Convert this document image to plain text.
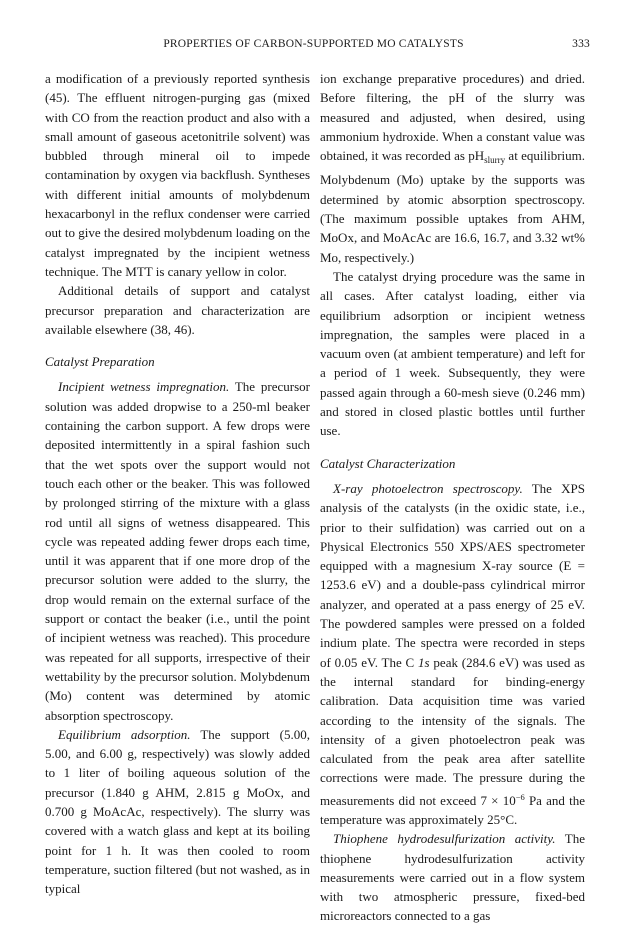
PROPERTIES OF CARBON-SUPPORTED MO CATALYSTS	333

a modification of a previously reported synthesis (45). The effluent nitrogen-purging gas (mixed with CO from the reaction product and also with a small amount of gaseous acetonitrile solvent) was bubbled through mineral oil to impede contamination by oxygen via backflush. Syntheses with different initial amounts of molybdenum hexacarbonyl in the reflux condenser were carried out to give the desired molybdenum loading on the catalyst impregnated by the incipient wetness technique. The MTT is canary yellow in color.

Additional details of support and catalyst precursor preparation and characterization are available elsewhere (38, 46).

Catalyst Preparation

Incipient wetness impregnation. The precursor solution was added dropwise to a 250-ml beaker containing the carbon support. A few drops were deposited intermittently in a spiral fashion such that the wet spots over the support would not touch each other or the beaker. This was followed by prolonged stirring of the mixture with a glass rod until all signs of wetness disappeared. This cycle was repeated adding fewer drops each time, until it was apparent that if one more drop of the precursor solution were added to the slurry, the drop would remain on the external surface of the support or contact the beaker (i.e., until the point of incipient wetness was reached). This procedure was repeated for all supports, irrespective of their wettability by the precursor solution. Molybdenum (Mo) content was determined by atomic absorption spectroscopy.

Equilibrium adsorption. The support (5.00, 5.00, and 6.00 g, respectively) was slowly added to 1 liter of boiling aqueous solution of the precursor (1.840 g AHM, 2.815 g MoOx, and 0.700 g MoAcAc, respectively). The slurry was covered with a watch glass and kept at its boiling point for 1 h. It was then cooled to room temperature, suction filtered (but not washed, as in typical

ion exchange preparative procedures) and dried. Before filtering, the pH of the slurry was measured and adjusted, when desired, using ammonium hydroxide. When a constant value was obtained, it was recorded as $pH_{slurry}$ at equilibrium. Molybdenum (Mo) uptake by the supports was determined by atomic absorption spectroscopy. (The maximum possible uptakes from AHM, MoOx, and MoAcAc are 16.6, 16.7, and 3.32 wt% Mo, respectively.)

The catalyst drying procedure was the same in all cases. After catalyst loading, either via equilibrium adsorption or incipient wetness impregnation, the samples were placed in a vacuum oven (at ambient temperature) and left for a period of 1 week. Subsequently, they were passed again through a 60-mesh sieve (0.246 mm) and stored in closed plastic bottles until further use.

Catalyst Characterization

X-ray photoelectron spectroscopy. The XPS analysis of the catalysts (in the oxidic state, i.e., prior to their sulfidation) was carried out on a Physical Electronics 550 XPS/AES spectrometer equipped with a magnesium X-ray source (E = 1253.6 eV) and a double-pass cylindrical mirror analyzer, and operated at a pass energy of 25 eV. The powdered samples were pressed on a folded indium plate. The spectra were recorded in steps of 0.05 eV. The C 1s peak (284.6 eV) was used as the internal standard for binding-energy calibration. Data acquisition time was varied according to the intensity of the signals. The intensity of a given photoelectron peak was calculated from the peak area after satellite corrections were made. The pressure during the measurements did not exceed $7 \times 10^{-6}$ Pa and the temperature was approximately 25°C.

Thiophene hydrodesulfurization activity. The thiophene hydrodesulfurization activity measurements were carried out in a flow system with two atmospheric pressure, fixed-bed microreactors connected to a gas
